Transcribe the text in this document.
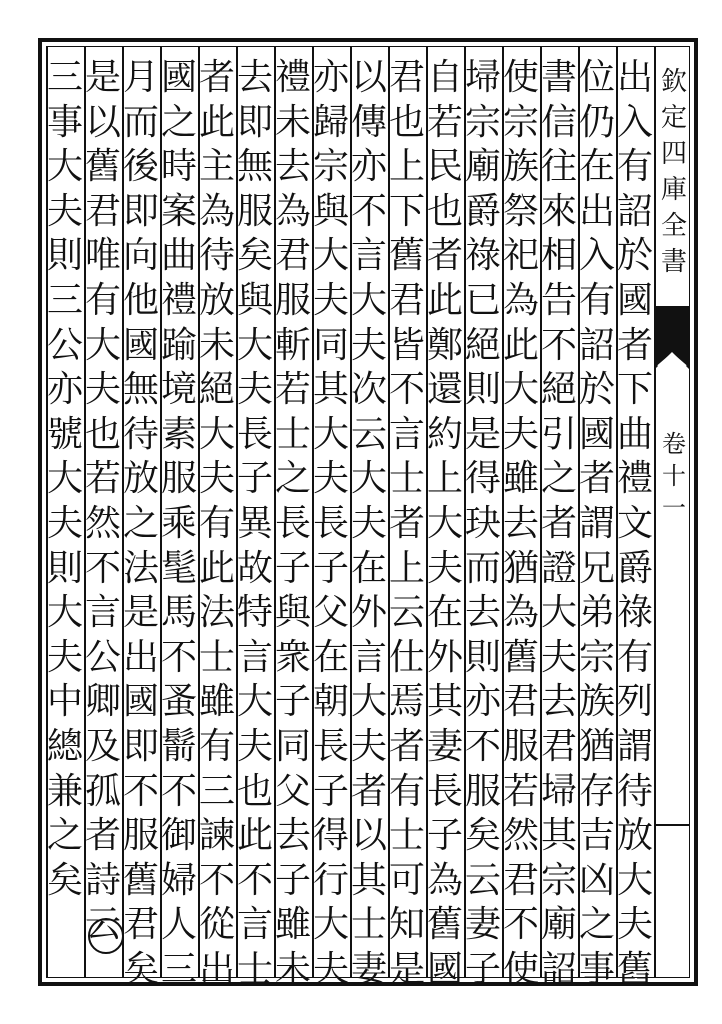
欽定四庫全書
卷十一
出
入
有
詔
於
國
者
下
曲
禮
文
爵
祿
有
列
謂
待
放
大
夫
舊
位
仍
在
出
入
有
詔
於
國
者
謂
兄
弟
宗
族
猶
存
吉
凶
之
事
書
信
往
來
相
告
不
絕
引
之
者
證
大
夫
去
君
埽
其
宗
廟
詔
使
宗
族
祭
祀
為
此
大
夫
雖
去
猶
為
舊
君
服
若
然
君
不
使
埽
宗
廟
爵
祿
已
絕
則
是
得
玦
而
去
則
亦
不
服
矣
云
妻
子
自
若
民
也
者
此
鄭
還
約
上
大
夫
在
外
其
妻
長
子
為
舊
國
君
也
上
下
舊
君
皆
不
言
士
者
上
云
仕
焉
者
有
士
可
知
是
以
傳
亦
不
言
大
夫
次
云
大
夫
在
外
言
大
夫
者
以
其
士
妻
亦
歸
宗
與
大
夫
同
其
大
夫
長
子
父
在
朝
長
子
得
行
大
夫
禮
未
去
為
君
服
斬
若
士
之
長
子
與
衆
子
同
父
去
子
雖
未
去
即
無
服
矣
與
大
夫
長
子
異
故
特
言
大
夫
也
此
不
言
士
者
此
主
為
待
放
未
絕
大
夫
有
此
法
士
雖
有
三
諫
不
從
出
國
之
時
案
曲
禮
踰
境
素
服
乘
髦
馬
不
蚤
鬋
不
御
婦
人
三
月
而
後
即
向
他
國
無
待
放
之
法
是
出
國
即
不
服
舊
君
矣
是
以
舊
君
唯
有
大
夫
也
若
然
不
言
公
卿
及
孤
者
詩
云
三
事
大
夫
則
三
公
亦
號
大
夫
則
大
夫
中
總
兼
之
矣
